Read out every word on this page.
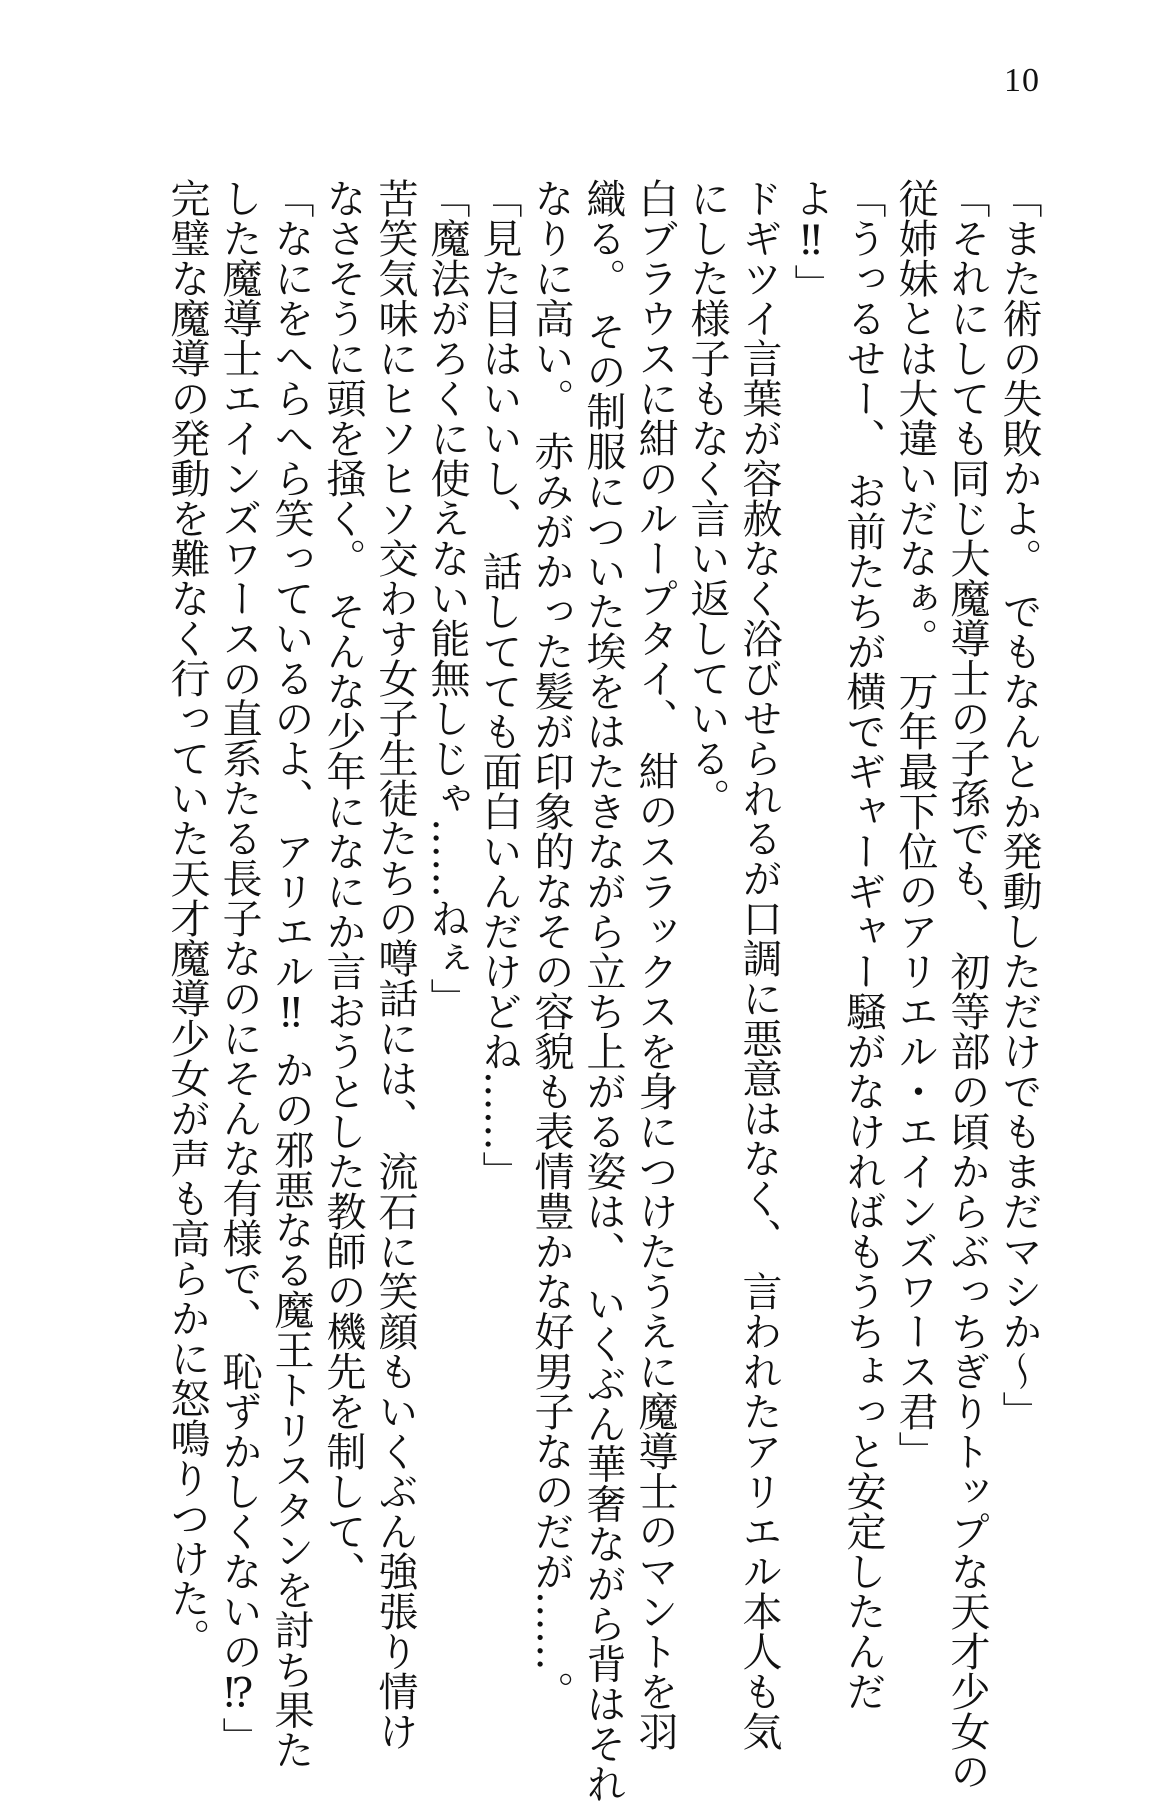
10

「また術の失敗かよ。 でもなんとか発動しただけでもまだマシか～」

「それにしても同じ大魔導士の子孫でも、 初等部の頃からぶっちぎりトップな天才少女の

従姉妹とは大違いだなぁ。 万年最下位のアリエル・エインズワース君」

「うっるせー、 お前たちが横でギャーギャー騒がなければもうちょっと安定したんだ

よ‼」

ドギツイ言葉が容赦なく浴びせられるが口調に悪意はなく、 言われたアリエル本人も気

にした様子もなく言い返している。

白ブラウスに紺のループタイ、 紺のスラックスを身につけたうえに魔導士のマントを羽

織る。 その制服についた埃をはたきながら立ち上がる姿は、 いくぶん華奢ながら背はそれ

なりに高い。 赤みがかった髪が印象的なその容貌も表情豊かな好男子なのだが……。

「見た目はいいし、 話してても面白いんだけどね……」

「魔法がろくに使えない能無しじゃ……ねぇ」

苦笑気味にヒソヒソ交わす女子生徒たちの噂話には、 流石に笑顔もいくぶん強張り情け

なさそうに頭を掻く。 そんな少年になにか言おうとした教師の機先を制して、

「なにをへらへら笑っているのよ、 アリエル‼ かの邪悪なる魔王トリスタンを討ち果た

した魔導士エインズワースの直系たる長子なのにそんな有様で、 恥ずかしくないの⁉」

完璧な魔導の発動を難なく行っていた天才魔導少女が声も高らかに怒鳴りつけた。
